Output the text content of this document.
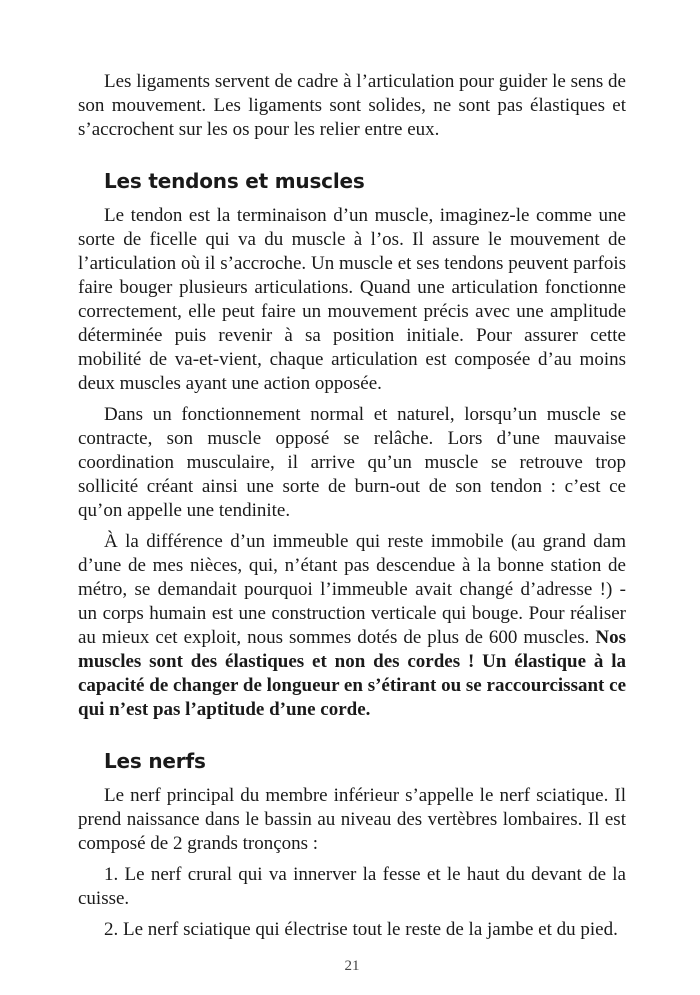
Les ligaments servent de cadre à l’articulation pour guider le sens de son mouvement. Les ligaments sont solides, ne sont pas élastiques et s’accrochent sur les os pour les relier entre eux.

Les tendons et muscles

Le tendon est la terminaison d’un muscle, imaginez-le comme une sorte de ficelle qui va du muscle à l’os. Il assure le mouvement de l’articulation où il s’accroche. Un muscle et ses tendons peuvent parfois faire bouger plusieurs articulations. Quand une articulation fonctionne correctement, elle peut faire un mouvement précis avec une amplitude déterminée puis revenir à sa position initiale. Pour assurer cette mobilité de va-et-vient, chaque articulation est composée d’au moins deux muscles ayant une action opposée.

Dans un fonctionnement normal et naturel, lorsqu’un muscle se contracte, son muscle opposé se relâche. Lors d’une mauvaise coordination musculaire, il arrive qu’un muscle se retrouve trop sollicité créant ainsi une sorte de burn-out de son tendon : c’est ce qu’on appelle une tendinite.

À la différence d’un immeuble qui reste immobile (au grand dam d’une de mes nièces, qui, n’étant pas descendue à la bonne station de métro, se demandait pourquoi l’immeuble avait changé d’adresse !) - un corps humain est une construction verticale qui bouge. Pour réaliser au mieux cet exploit, nous sommes dotés de plus de 600 muscles. Nos muscles sont des élastiques et non des cordes ! Un élastique à la capacité de changer de longueur en s’étirant ou se raccourcissant ce qui n’est pas l’aptitude d’une corde.

Les nerfs

Le nerf principal du membre inférieur s’appelle le nerf sciatique. Il prend naissance dans le bassin au niveau des vertèbres lombaires. Il est composé de 2 grands tronçons :

1. Le nerf crural qui va innerver la fesse et le haut du devant de la cuisse.

2. Le nerf sciatique qui électrise tout le reste de la jambe et du pied.

21
